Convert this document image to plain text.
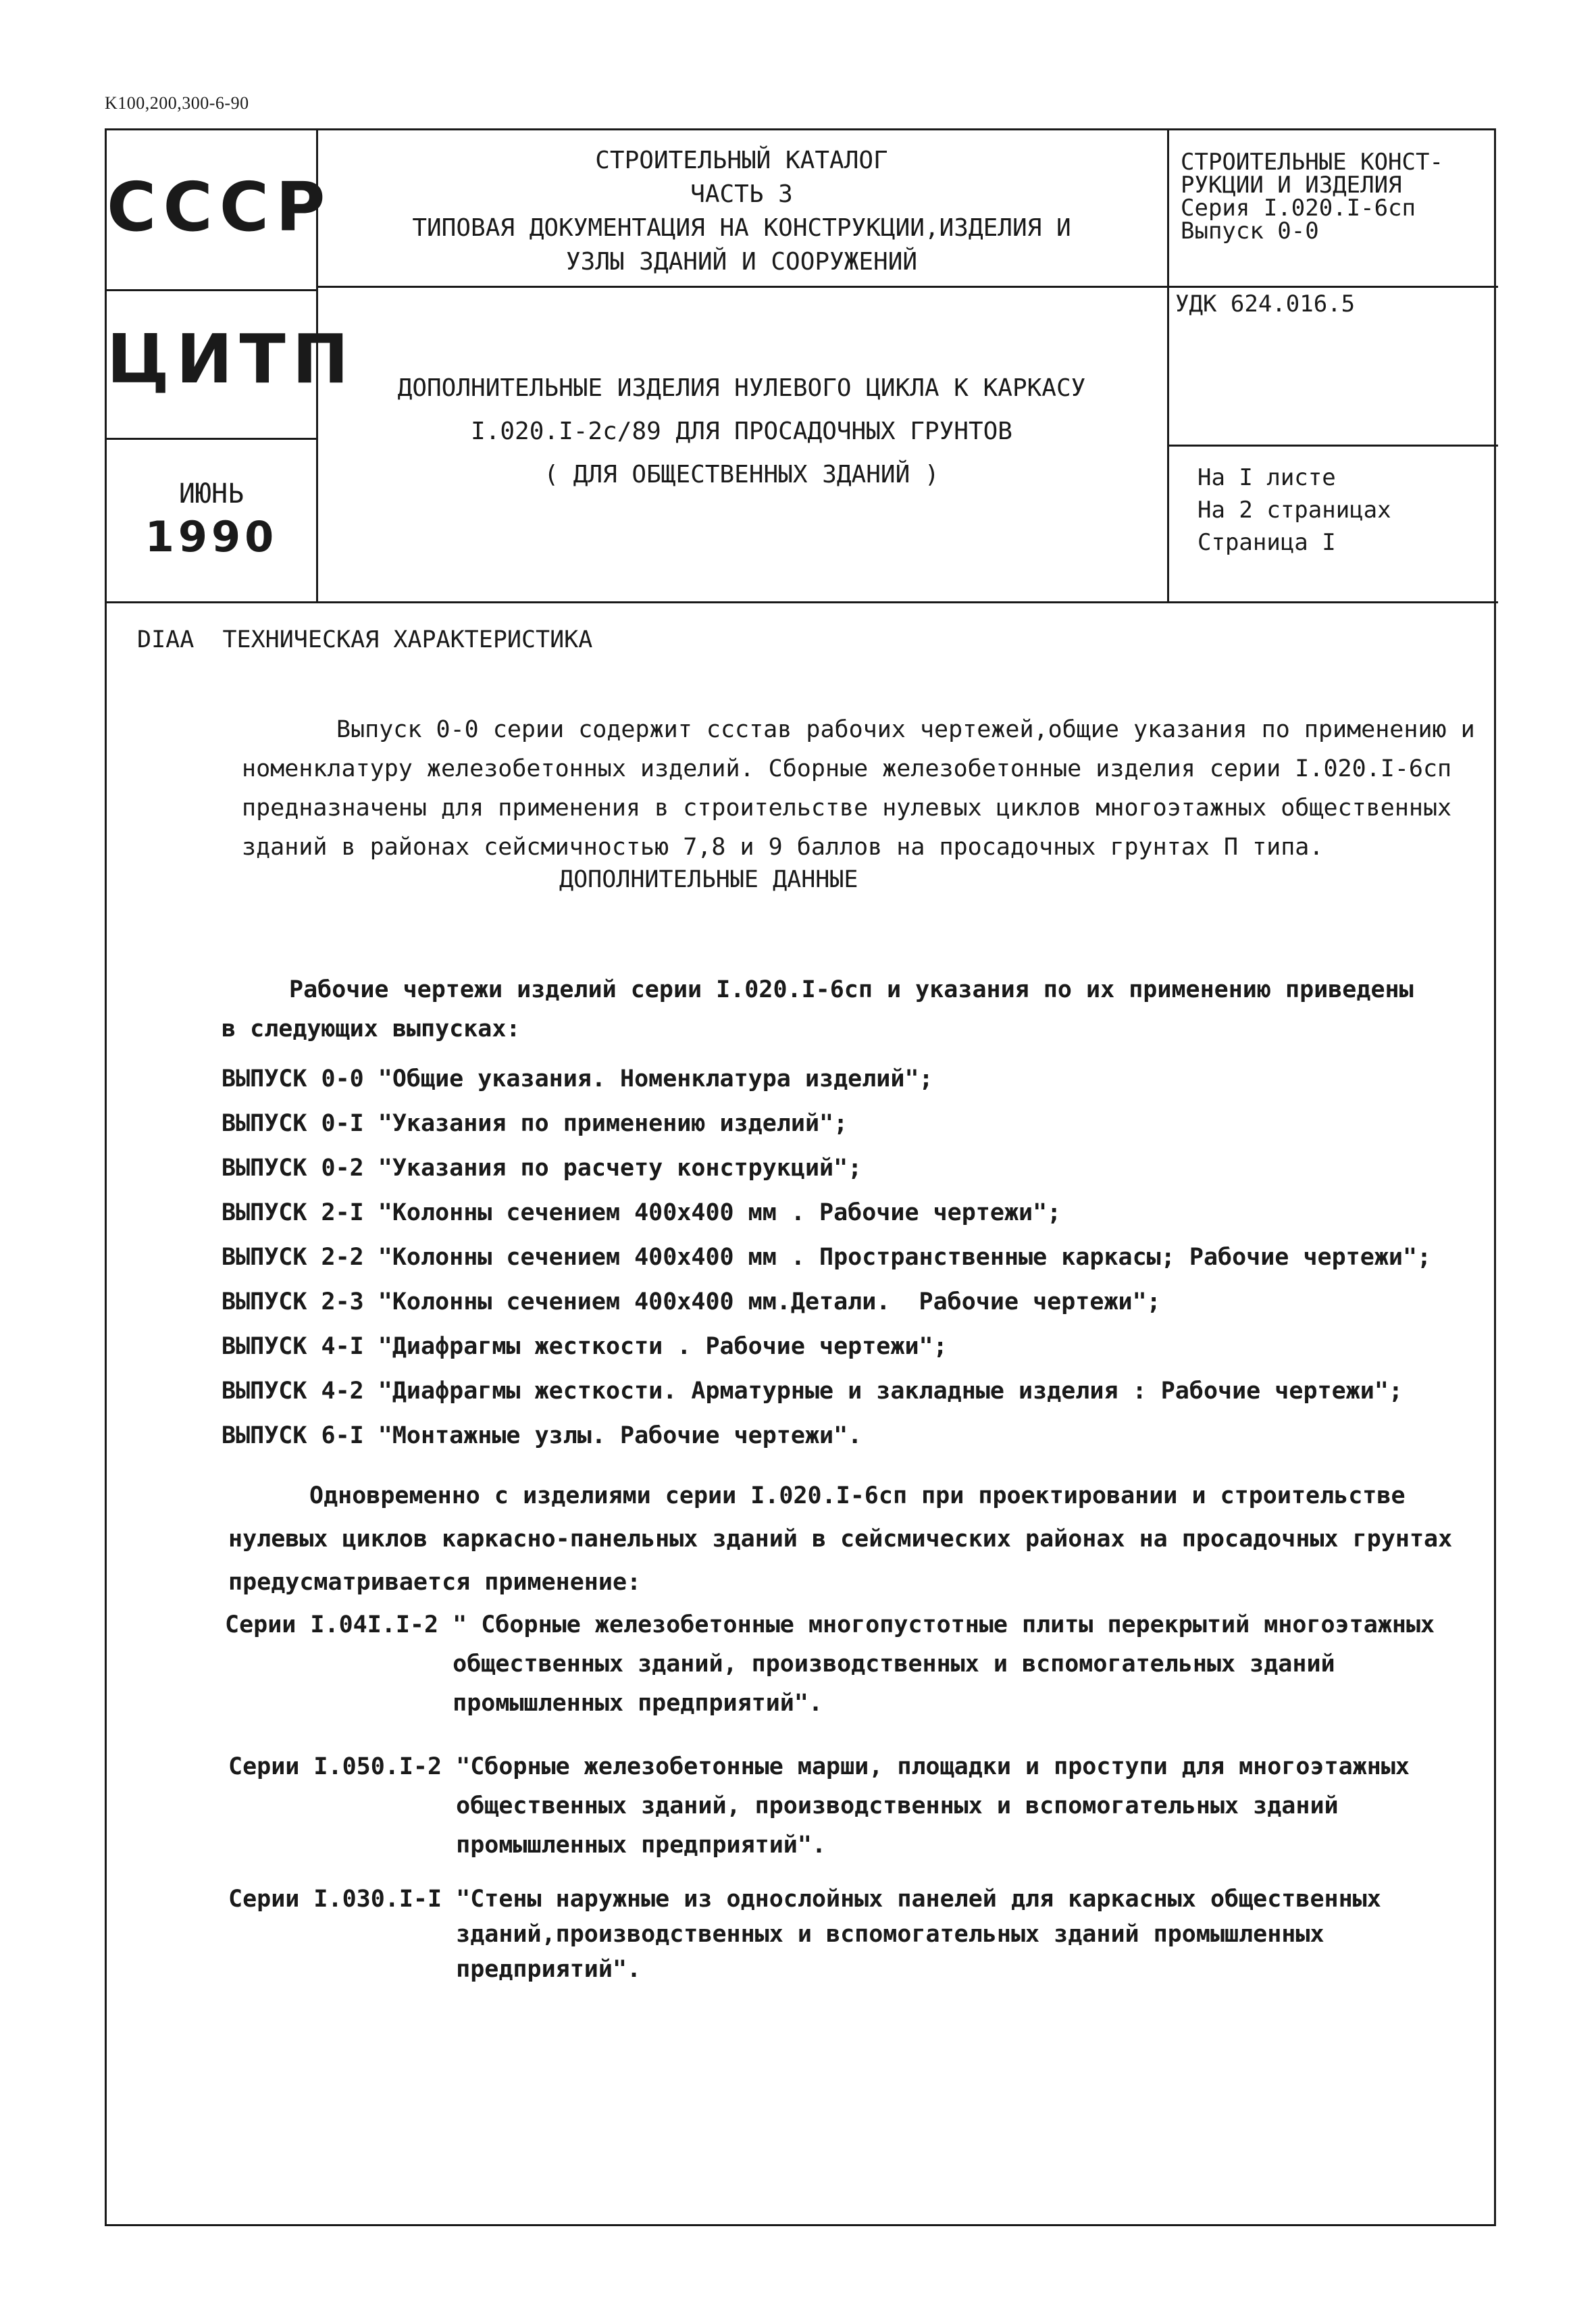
K100,200,300-6-90
СССР
ЦИТП
ИЮНЬ
1990
СТРОИТЕЛЬНЫЙ КАТАЛОГ
ЧАСТЬ 3
ТИПОВАЯ ДОКУМЕНТАЦИЯ НА КОНСТРУКЦИИ,ИЗДЕЛИЯ И
УЗЛЫ ЗДАНИЙ И СООРУЖЕНИЙ
ДОПОЛНИТЕЛЬНЫЕ ИЗДЕЛИЯ НУЛЕВОГО ЦИКЛА К КАРКАСУ
I.020.I-2с/89 ДЛЯ ПРОСАДОЧНЫХ ГРУНТОВ
( ДЛЯ ОБЩЕСТВЕННЫХ ЗДАНИЙ )
СТРОИТЕЛЬНЫЕ КОНСТ-
РУКЦИИ И ИЗДЕЛИЯ
Серия I.020.I-6сп
Выпуск 0-0
УДК 624.016.5
На I листе
На 2 страницах
Страница I
DIAA ТЕХНИЧЕСКАЯ ХАРАКТЕРИСТИКА

Выпуск 0-0 серии содержит ссстав рабочих чертежей,общие указания по применению и
номенклатуру железобетонных изделий. Сборные железобетонные изделия серии I.020.I-6сп
предназначены для применения в строительстве нулевых циклов многоэтажных общественных
зданий в районах сейсмичностью 7,8 и 9 баллов на просадочных грунтах П типа.

ДОПОЛНИТЕЛЬНЫЕ ДАННЫЕ

Рабочие чертежи изделий серии I.020.I-6сп и указания по их применению приведены
в следующих выпусках:

ВЫПУСК 0-0 "Общие указания. Номенклатура изделий";
ВЫПУСК 0-I "Указания по применению изделий";
ВЫПУСК 0-2 "Указания по расчету конструкций";
ВЫПУСК 2-I "Колонны сечением 400х400 мм . Рабочие чертежи";
ВЫПУСК 2-2 "Колонны сечением 400х400 мм . Пространственные каркасы; Рабочие чертежи";
ВЫПУСК 2-3 "Колонны сечением 400х400 мм.Детали.  Рабочие чертежи";
ВЫПУСК 4-I "Диафрагмы жесткости . Рабочие чертежи";
ВЫПУСК 4-2 "Диафрагмы жесткости. Арматурные и закладные изделия : Рабочие чертежи";
ВЫПУСК 6-I "Монтажные узлы. Рабочие чертежи".

Одновременно с изделиями серии I.020.I-6сп при проектировании и строительстве
нулевых циклов каркасно-панельных зданий в сейсмических районах на просадочных грунтах
предусматривается применение:

Серии I.04I.I-2 " Сборные железобетонные многопустотные плиты перекрытий многоэтажных
общественных зданий, производственных и вспомогательных зданий
промышленных предприятий".

Серии I.050.I-2 "Сборные железобетонные марши, площадки и проступи для многоэтажных
общественных зданий, производственных и вспомогательных зданий
промышленных предприятий".

Серии I.030.I-I "Стены наружные из однослойных панелей для каркасных общественных
зданий,производственных и вспомогательных зданий промышленных
предприятий".
